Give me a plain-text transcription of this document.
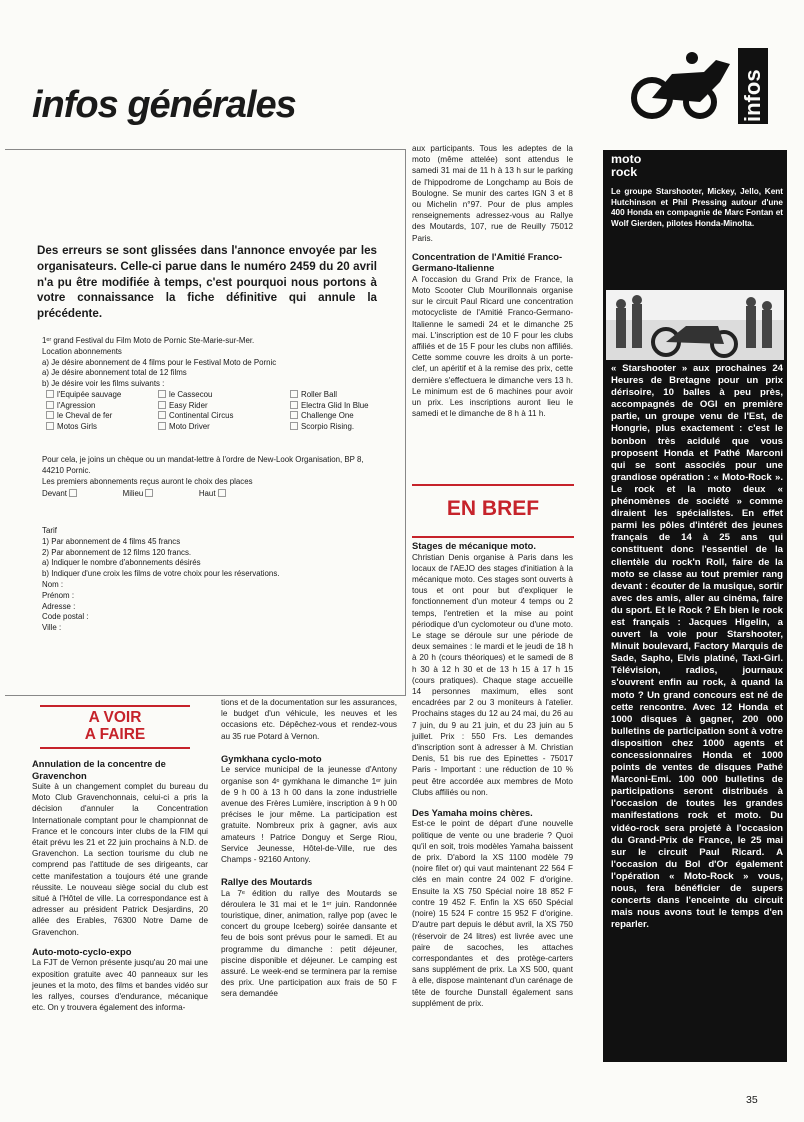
infos générales	infos
Des erreurs se sont glissées dans l'annonce envoyée par les organisateurs. Celle-ci parue dans le numéro 2459 du 20 avril n'a pu être modifiée à temps, c'est pourquoi nous portons à votre connaissance la fiche définitive qui annule la précédente.
1ᵉʳ grand Festival du Film Moto de Pornic Ste-Marie-sur-Mer.
Location abonnements
a) Je désire abonnement de 4 films pour le Festival Moto de Pornic
a) Je désire abonnement total de 12 films
b) Je désire voir les films suivants :
l'Equipée sauvage	le Cassecou	Roller Ball
l'Agression	Easy Rider	Electra Glid In Blue
le Cheval de fer	Continental Circus	Challenge One
Motos Girls	Moto Driver	Scorpio Rising.
Pour cela, je joins un chèque ou un mandat-lettre à l'ordre de New-Look Organisation, BP 8, 44210 Pornic.
Les premiers abonnements reçus auront le choix des places
Devant	Milieu	Haut
Tarif
1) Par abonnement de 4 films 45 francs
2) Par abonnement de 12 films 120 francs.
a) Indiquer le nombre d'abonnements désirés
b) Indiquer d'une croix les films de votre choix pour les réservations.
Nom :
Prénom :
Adresse :
Code postal :
Ville :
A VOIR
A FAIRE
Annulation de la concentre de Gravenchon
Suite à un changement complet du bureau du Moto Club Gravenchonnais, celui-ci a pris la décision d'annuler la Concentration Internationale comptant pour le championnat de France et le concours inter clubs de la FIM qui était prévu les 21 et 22 juin prochains à N.D. de Gravenchon. La section tourisme du club ne comprend pas l'attitude de ses dirigeants, car cette manifestation a toujours été une grande réussite. Le nouveau siège social du club est situé à l'Hôtel de ville. La correspondance est à adresser au président Patrick Desjardins, 20 allée des Erables, 76300 Notre Dame de Gravenchon.
Auto-moto-cyclo-expo
La FJT de Vernon présente jusqu'au 20 mai une exposition gratuite avec 40 panneaux sur les jeunes et la moto, des films et bandes vidéo sur les rallyes, courses d'endurance, mécanique etc. On y trouvera également des informa-
tions et de la documentation sur les assurances, le budget d'un véhicule, les neuves et les occasions etc. Dépêchez-vous et rendez-vous au 35 rue Potard à Vernon.
Gymkhana cyclo-moto
Le service municipal de la jeunesse d'Antony organise son 4ᵉ gymkhana le dimanche 1ᵉʳ juin de 9 h 00 à 13 h 00 dans la zone industrielle avenue des Frères Lumière, inscription à 9 h 00 précises le jour même. La participation est gratuite. Nombreux prix à gagner, avis aux amateurs ! Patrice Donguy et Serge Riou, Service Jeunesse, Hôtel-de-Ville, rue des Champs - 92160 Antony.
Rallye des Moutards
La 7ᵉ édition du rallye des Moutards se déroulera le 31 mai et le 1ᵉʳ juin. Randonnée touristique, diner, animation, rallye pop (avec le concert du groupe Iceberg) soirée dansante et feu de bois sont prévus pour le samedi. Et au programme du dimanche : petit déjeuner, piscine disponible et déjeuner. Le camping est assuré. Le week-end se terminera par la remise des prix. Une participation aux frais de 50 F sera demandée
aux participants. Tous les adeptes de la moto (même attelée) sont attendus le samedi 31 mai de 11 h à 13 h sur le parking de l'hippodrome de Longchamp au Bois de Boulogne. Se munir des cartes IGN 3 et 8 ou Michelin n°97. Pour de plus amples renseignements adressez-vous au Rallye des Moutards, 107, rue de Reuilly 75012 Paris.
Concentration de l'Amitié Franco-Germano-Italienne
A l'occasion du Grand Prix de France, la Moto Scooter Club Mourillonnais organise sur le circuit Paul Ricard une concentration motocycliste de l'Amitié Franco-Germano-Italienne le samedi 24 et le dimanche 25 mai. L'inscription est de 10 F pour les clubs affiliés et de 15 F pour les clubs non affiliés. Cette somme couvre les droits à un porte-clef, un apéritif et à la remise des prix, cette dernière s'effectuera le dimanche vers 13 h. Le minimum est de 6 machines pour avoir un prix. Les inscriptions auront lieu le samedi et le dimanche de 8 h à 11 h.
EN BREF
Stages de mécanique moto.
Christian Denis organise à Paris dans les locaux de l'AEJO des stages d'initiation à la mécanique moto. Ces stages sont ouverts à tous et ont pour but d'expliquer le fonctionnement d'un moteur 4 temps ou 2 temps, l'entretien et la mise au point périodique d'un cyclomoteur ou d'une moto. Le stage se déroule sur une période de deux semaines : le mardi et le jeudi de 18 h à 20 h (cours théoriques) et le samedi de 8 h 30 à 12 h 30 et de 13 h 15 à 17 h 15 (cours pratiques). Chaque stage accueille 14 personnes maximum, elles sont encadrées par 2 ou 3 moniteurs à l'atelier. Prochains stages du 12 au 24 mai, du 26 au 7 juin, du 9 au 21 juin, et du 23 juin au 5 juillet. Prix : 550 Frs. Les demandes d'inscription sont à adresser à M. Christian Denis, 51 bis rue des Epinettes - 75017 Paris - Important : une réduction de 10 % peut être accordée aux membres de Moto Clubs affiliés ou non.
Des Yamaha moins chères.
Est-ce le point de départ d'une nouvelle politique de vente ou une braderie ? Quoi qu'il en soit, trois modèles Yamaha baissent de prix. D'abord la XS 1100 modèle 79 (noire filet or) qui vaut maintenant 22 564 F clés en main contre 24 002 F d'origine. Ensuite la XS 750 Spécial noire 18 852 F contre 19 452 F. Enfin la XS 650 Spécial (noire) 15 524 F contre 15 952 F d'origine. D'autre part depuis le début avril, la XS 750 (réservoir de 24 litres) est livrée avec une paire de sacoches, les attaches correspondantes et des protège-carters sans supplément de prix. La XS 500, quant à elle, dispose maintenant d'un carénage de tête de fourche Dunstall également sans supplément de prix.
moto
rock
Le groupe Starshooter, Mickey, Jello, Kent Hutchinson et Phil Pressing autour d'une 400 Honda en compagnie de Marc Fontan et Wolf Gierden, pilotes Honda-Minolta.
« Starshooter » aux prochaines 24 Heures de Bretagne pour un prix dérisoire, 10 balles à peu près, accompagnés de OGI en première partie, un groupe venu de l'Est, de Hongrie, plus exactement : c'est le bonbon très acidulé que vous proposent Honda et Pathé Marconi qui se sont associés pour une grandiose opération : « Moto-Rock ». Le rock et la moto deux « phénomènes de société » comme diraient les spécialistes. En effet parmi les pôles d'intérêt des jeunes français de 14 à 25 ans qui constituent donc l'essentiel de la clientèle du rock'n Roll, faire de la moto se classe au tout premier rang devant : écouter de la musique, sortir avec des amis, aller au cinéma, faire du sport. Et le Rock ? Eh bien le rock est français : Jacques Higelin, a ouvert la voie pour Starshooter, Minuit boulevard, Factory Marquis de Sade, Sapho, Elvis platiné, Taxi-Girl. Télévision, radios, journaux s'ouvrent enfin au rock, à quand la moto ? Un grand concours est né de cette rencontre. Avec 12 Honda et 1000 disques à gagner, 200 000 bulletins de participation sont à votre disposition chez 1000 agents et concessionnaires Honda et 1000 points de ventes de disques Pathé Marconi-Emi. 100 000 bulletins de participations seront distribués à l'occasion de toutes les grandes manifestations rock et moto. Du vidéo-rock sera projeté à l'occasion du Grand-Prix de France, le 25 mai sur le circuit Paul Ricard. A l'occasion du Bol d'Or également l'opération « Moto-Rock » vous, nous, fera bénéficier de supers concerts dans l'enceinte du circuit mais nous avons tout le temps d'en reparler.
35
